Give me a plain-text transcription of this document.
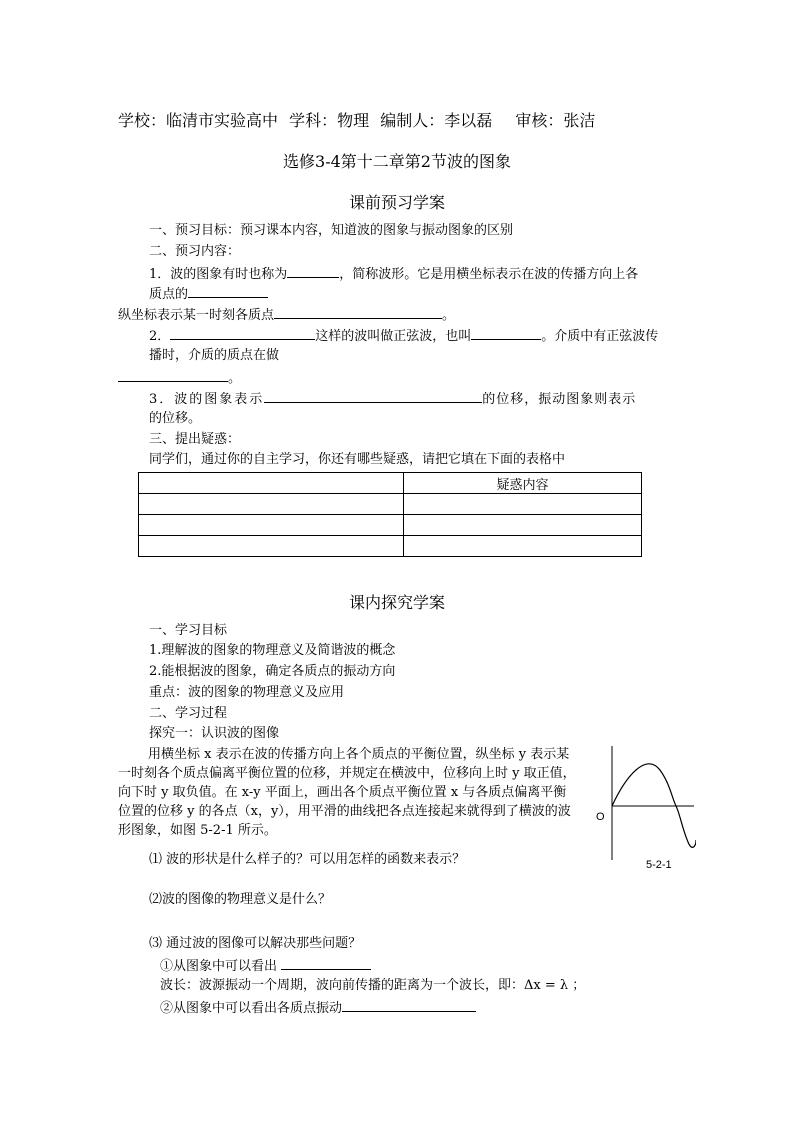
学校：临清市实验高中 学科：物理 编制人：李以磊 审核：张洁
选修3-4第十二章第2节波的图象
课前预习学案
一、预习目标：预习课本内容，知道波的图象与振动图象的区别
二、预习内容：
1．波的图象有时也称为	，简称波形。它是用横坐标表示在波的传播方向上各
质点的
纵坐标表示某一时刻各质点	。
2．	这样的波叫做正弦波，也叫	。介质中有正弦波传
播时，介质的质点在做
。
3．波的图象表示	的位移，振动图象则表示
的位移。
三、提出疑惑：
同学们，通过你的自主学习，你还有哪些疑惑，请把它填在下面的表格中
	疑惑内容

课内探究学案
一、学习目标
1.理解波的图象的物理意义及简谐波的概念
2.能根据波的图象，确定各质点的振动方向
重点：波的图象的物理意义及应用
二、学习过程
探究一：认识波的图像
用横坐标 x 表示在波的传播方向上各个质点的平衡位置，纵坐标 y 表示某一时刻各个质点偏离平衡位置的位移，并规定在横波中，位移向上时 y 取正值，向下时 y 取负值。在 x-y 平面上，画出各个质点平衡位置 x 与各质点偏离平衡位置的位移 y 的各点（x，y），用平滑的曲线把各点连接起来就得到了横波的波形图象，如图 5-2-1 所示。
O
5-2-1
⑴ 波的形状是什么样子的？可以用怎样的函数来表示？
⑵波的图像的物理意义是什么？
⑶ 通过波的图像可以解决那些问题？
①从图象中可以看出
波长：波源振动一个周期，波向前传播的距离为一个波长，即：Δx = λ ；
②从图象中可以看出各质点振动
